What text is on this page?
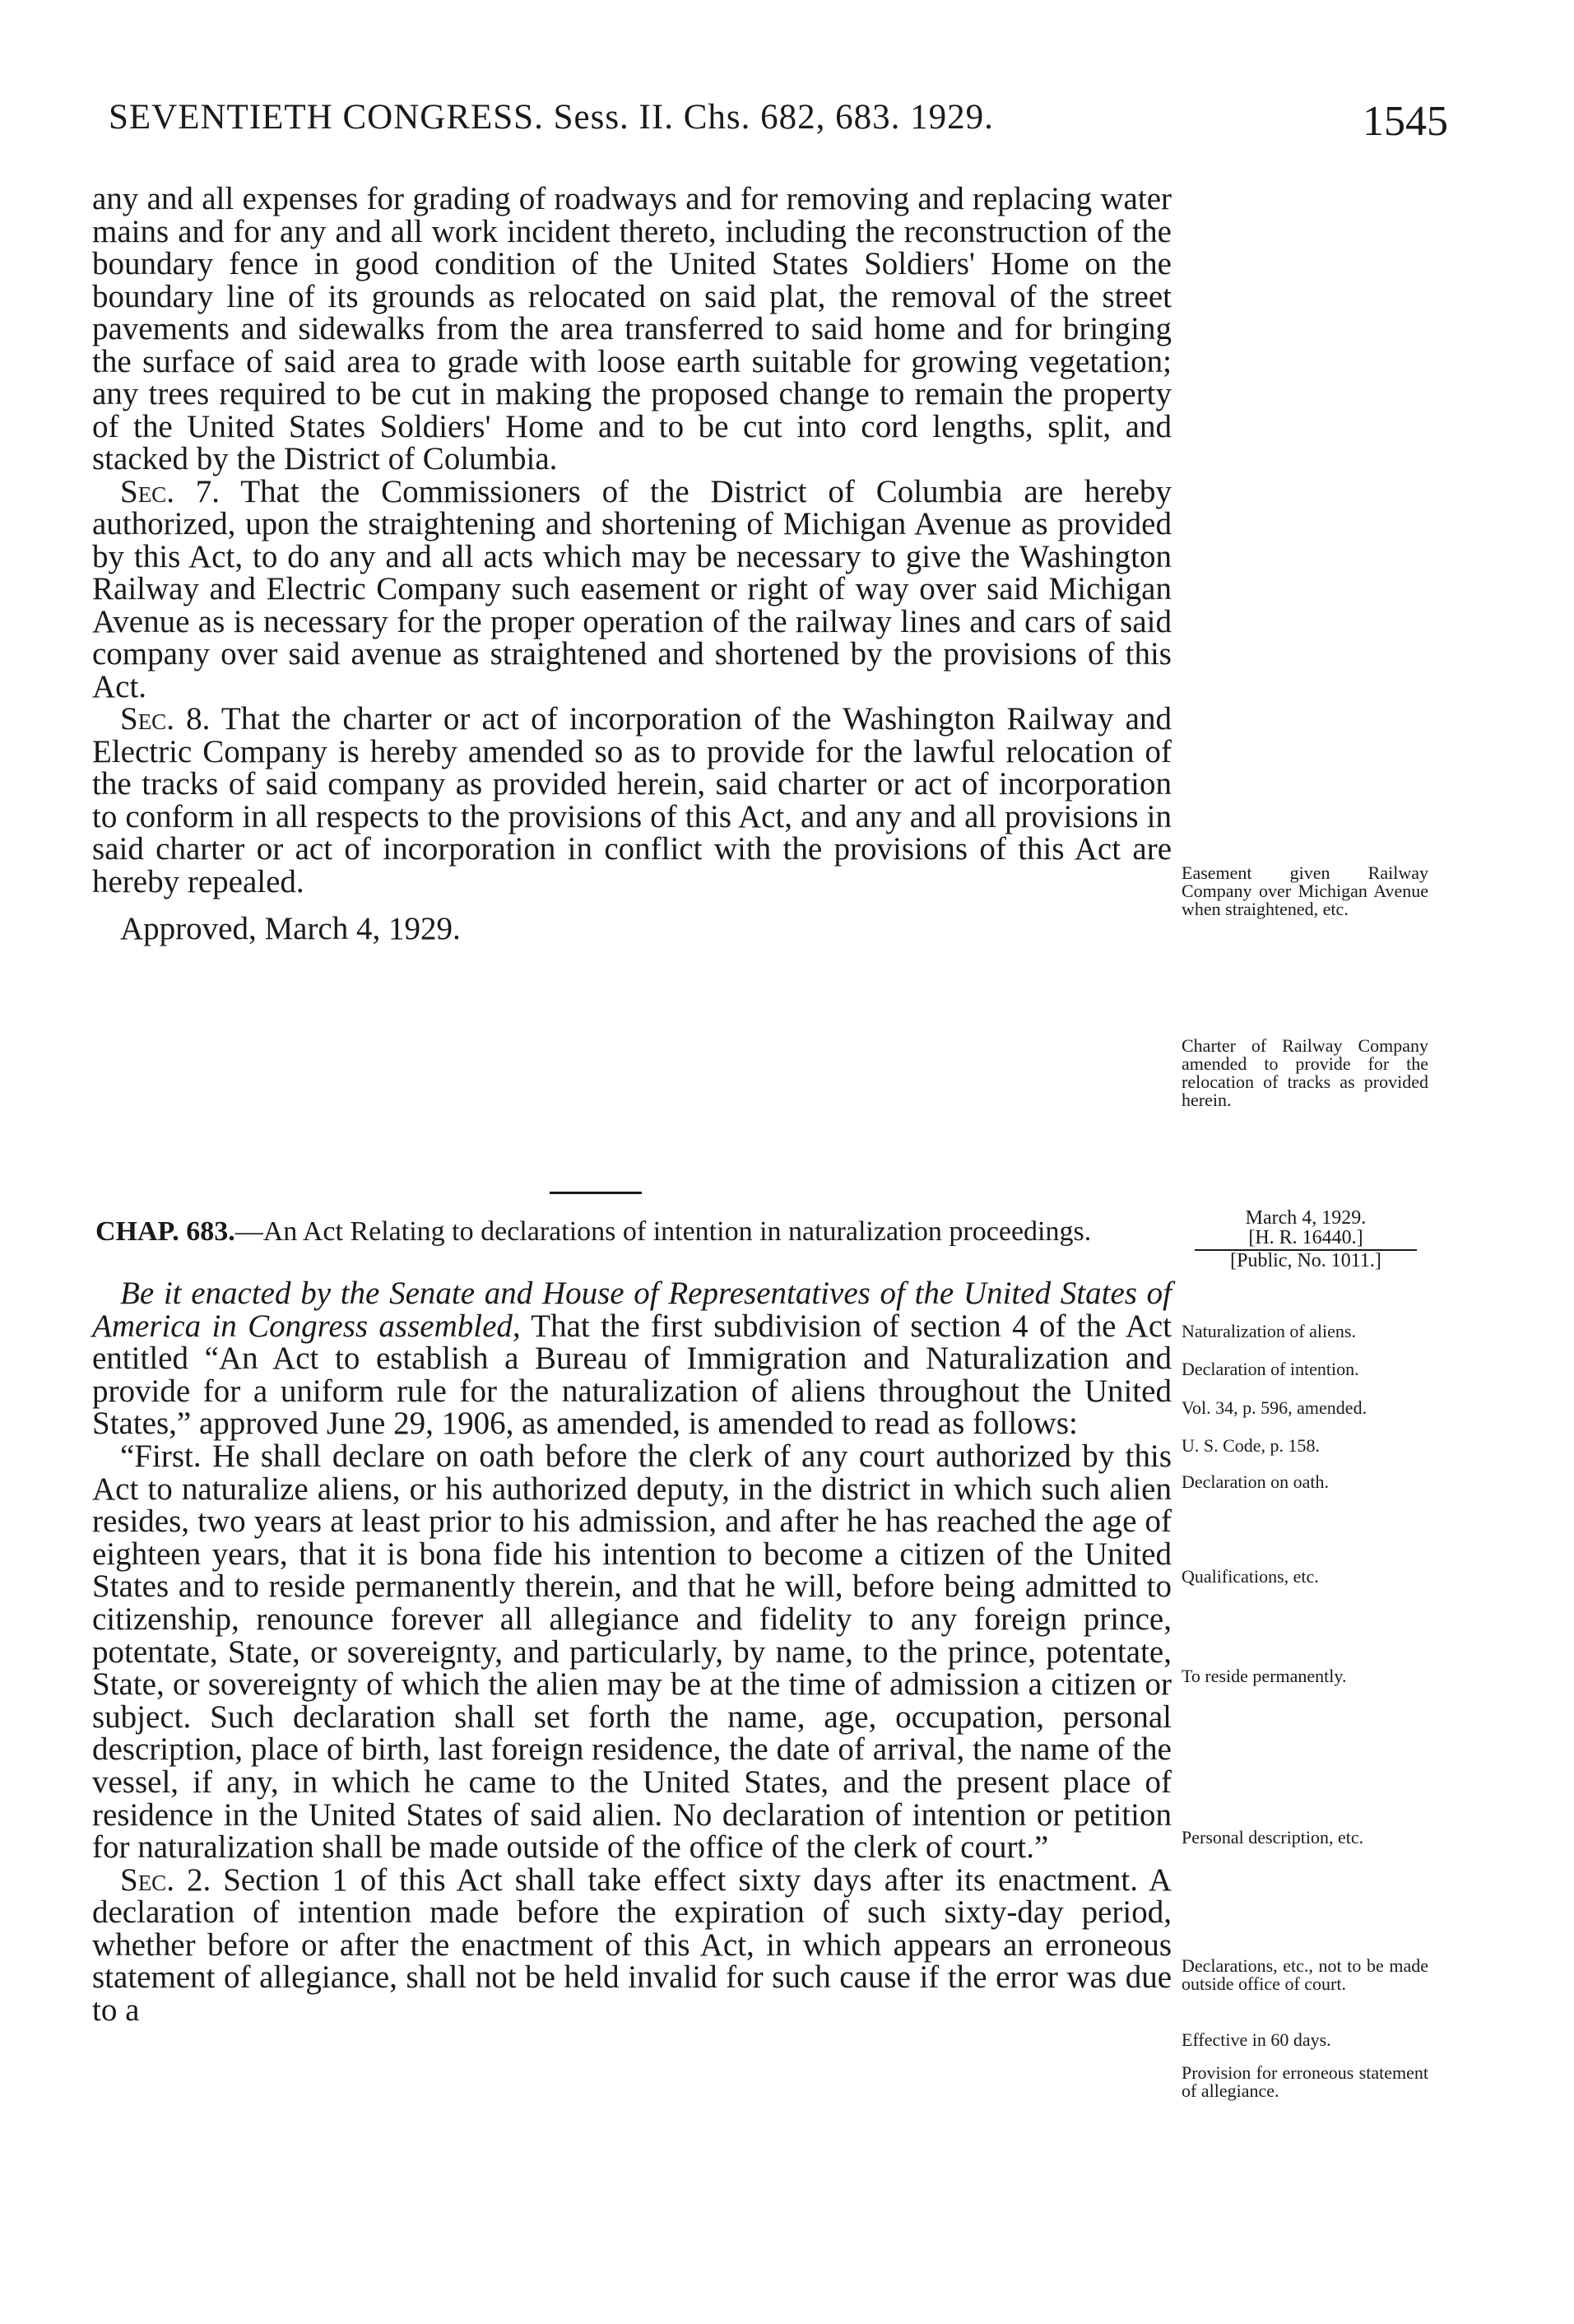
SEVENTIETH CONGRESS. Sess. II. Chs. 682, 683. 1929.	1545

any and all expenses for grading of roadways and for removing and replacing water mains and for any and all work incident thereto, including the reconstruction of the boundary fence in good condition of the United States Soldiers' Home on the boundary line of its grounds as relocated on said plat, the removal of the street pavements and sidewalks from the area transferred to said home and for bringing the surface of said area to grade with loose earth suitable for growing vegetation; any trees required to be cut in making the proposed change to remain the property of the United States Soldiers' Home and to be cut into cord lengths, split, and stacked by the District of Columbia.

Sec. 7. That the Commissioners of the District of Columbia are hereby authorized, upon the straightening and shortening of Michigan Avenue as provided by this Act, to do any and all acts which may be necessary to give the Washington Railway and Electric Company such easement or right of way over said Michigan Avenue as is necessary for the proper operation of the railway lines and cars of said company over said avenue as straightened and shortened by the provisions of this Act.

Sec. 8. That the charter or act of incorporation of the Washington Railway and Electric Company is hereby amended so as to provide for the lawful relocation of the tracks of said company as provided herein, said charter or act of incorporation to conform in all respects to the provisions of this Act, and any and all provisions in said charter or act of incorporation in conflict with the provisions of this Act are hereby repealed.

Approved, March 4, 1929.

CHAP. 683.—An Act Relating to declarations of intention in naturalization proceedings.	March 4, 1929.
[H. R. 16440.]
[Public, No. 1011.]

Be it enacted by the Senate and House of Representatives of the United States of America in Congress assembled, That the first subdivision of section 4 of the Act entitled “An Act to establish a Bureau of Immigration and Naturalization and provide for a uniform rule for the naturalization of aliens throughout the United States,” approved June 29, 1906, as amended, is amended to read as follows:

“First. He shall declare on oath before the clerk of any court authorized by this Act to naturalize aliens, or his authorized deputy, in the district in which such alien resides, two years at least prior to his admission, and after he has reached the age of eighteen years, that it is bona fide his intention to become a citizen of the United States and to reside permanently therein, and that he will, before being admitted to citizenship, renounce forever all allegiance and fidelity to any foreign prince, potentate, State, or sovereignty, and particularly, by name, to the prince, potentate, State, or sovereignty of which the alien may be at the time of admission a citizen or subject. Such declaration shall set forth the name, age, occupation, personal description, place of birth, last foreign residence, the date of arrival, the name of the vessel, if any, in which he came to the United States, and the present place of residence in the United States of said alien. No declaration of intention or petition for naturalization shall be made outside of the office of the clerk of court.”

Sec. 2. Section 1 of this Act shall take effect sixty days after its enactment. A declaration of intention made before the expiration of such sixty-day period, whether before or after the enactment of this Act, in which appears an erroneous statement of allegiance, shall not be held invalid for such cause if the error was due to a

Easement given Railway Company over Michigan Avenue when straightened, etc.
Charter of Railway Company amended to provide for the relocation of tracks as provided herein.
Naturalization of aliens.
Declaration of intention.
Vol. 34, p. 596, amended.
U. S. Code, p. 158.
Declaration on oath.
Qualifications, etc.
To reside permanently.
Personal description, etc.
Declarations, etc., not to be made outside office of court.
Effective in 60 days.
Provision for erroneous statement of allegiance.
